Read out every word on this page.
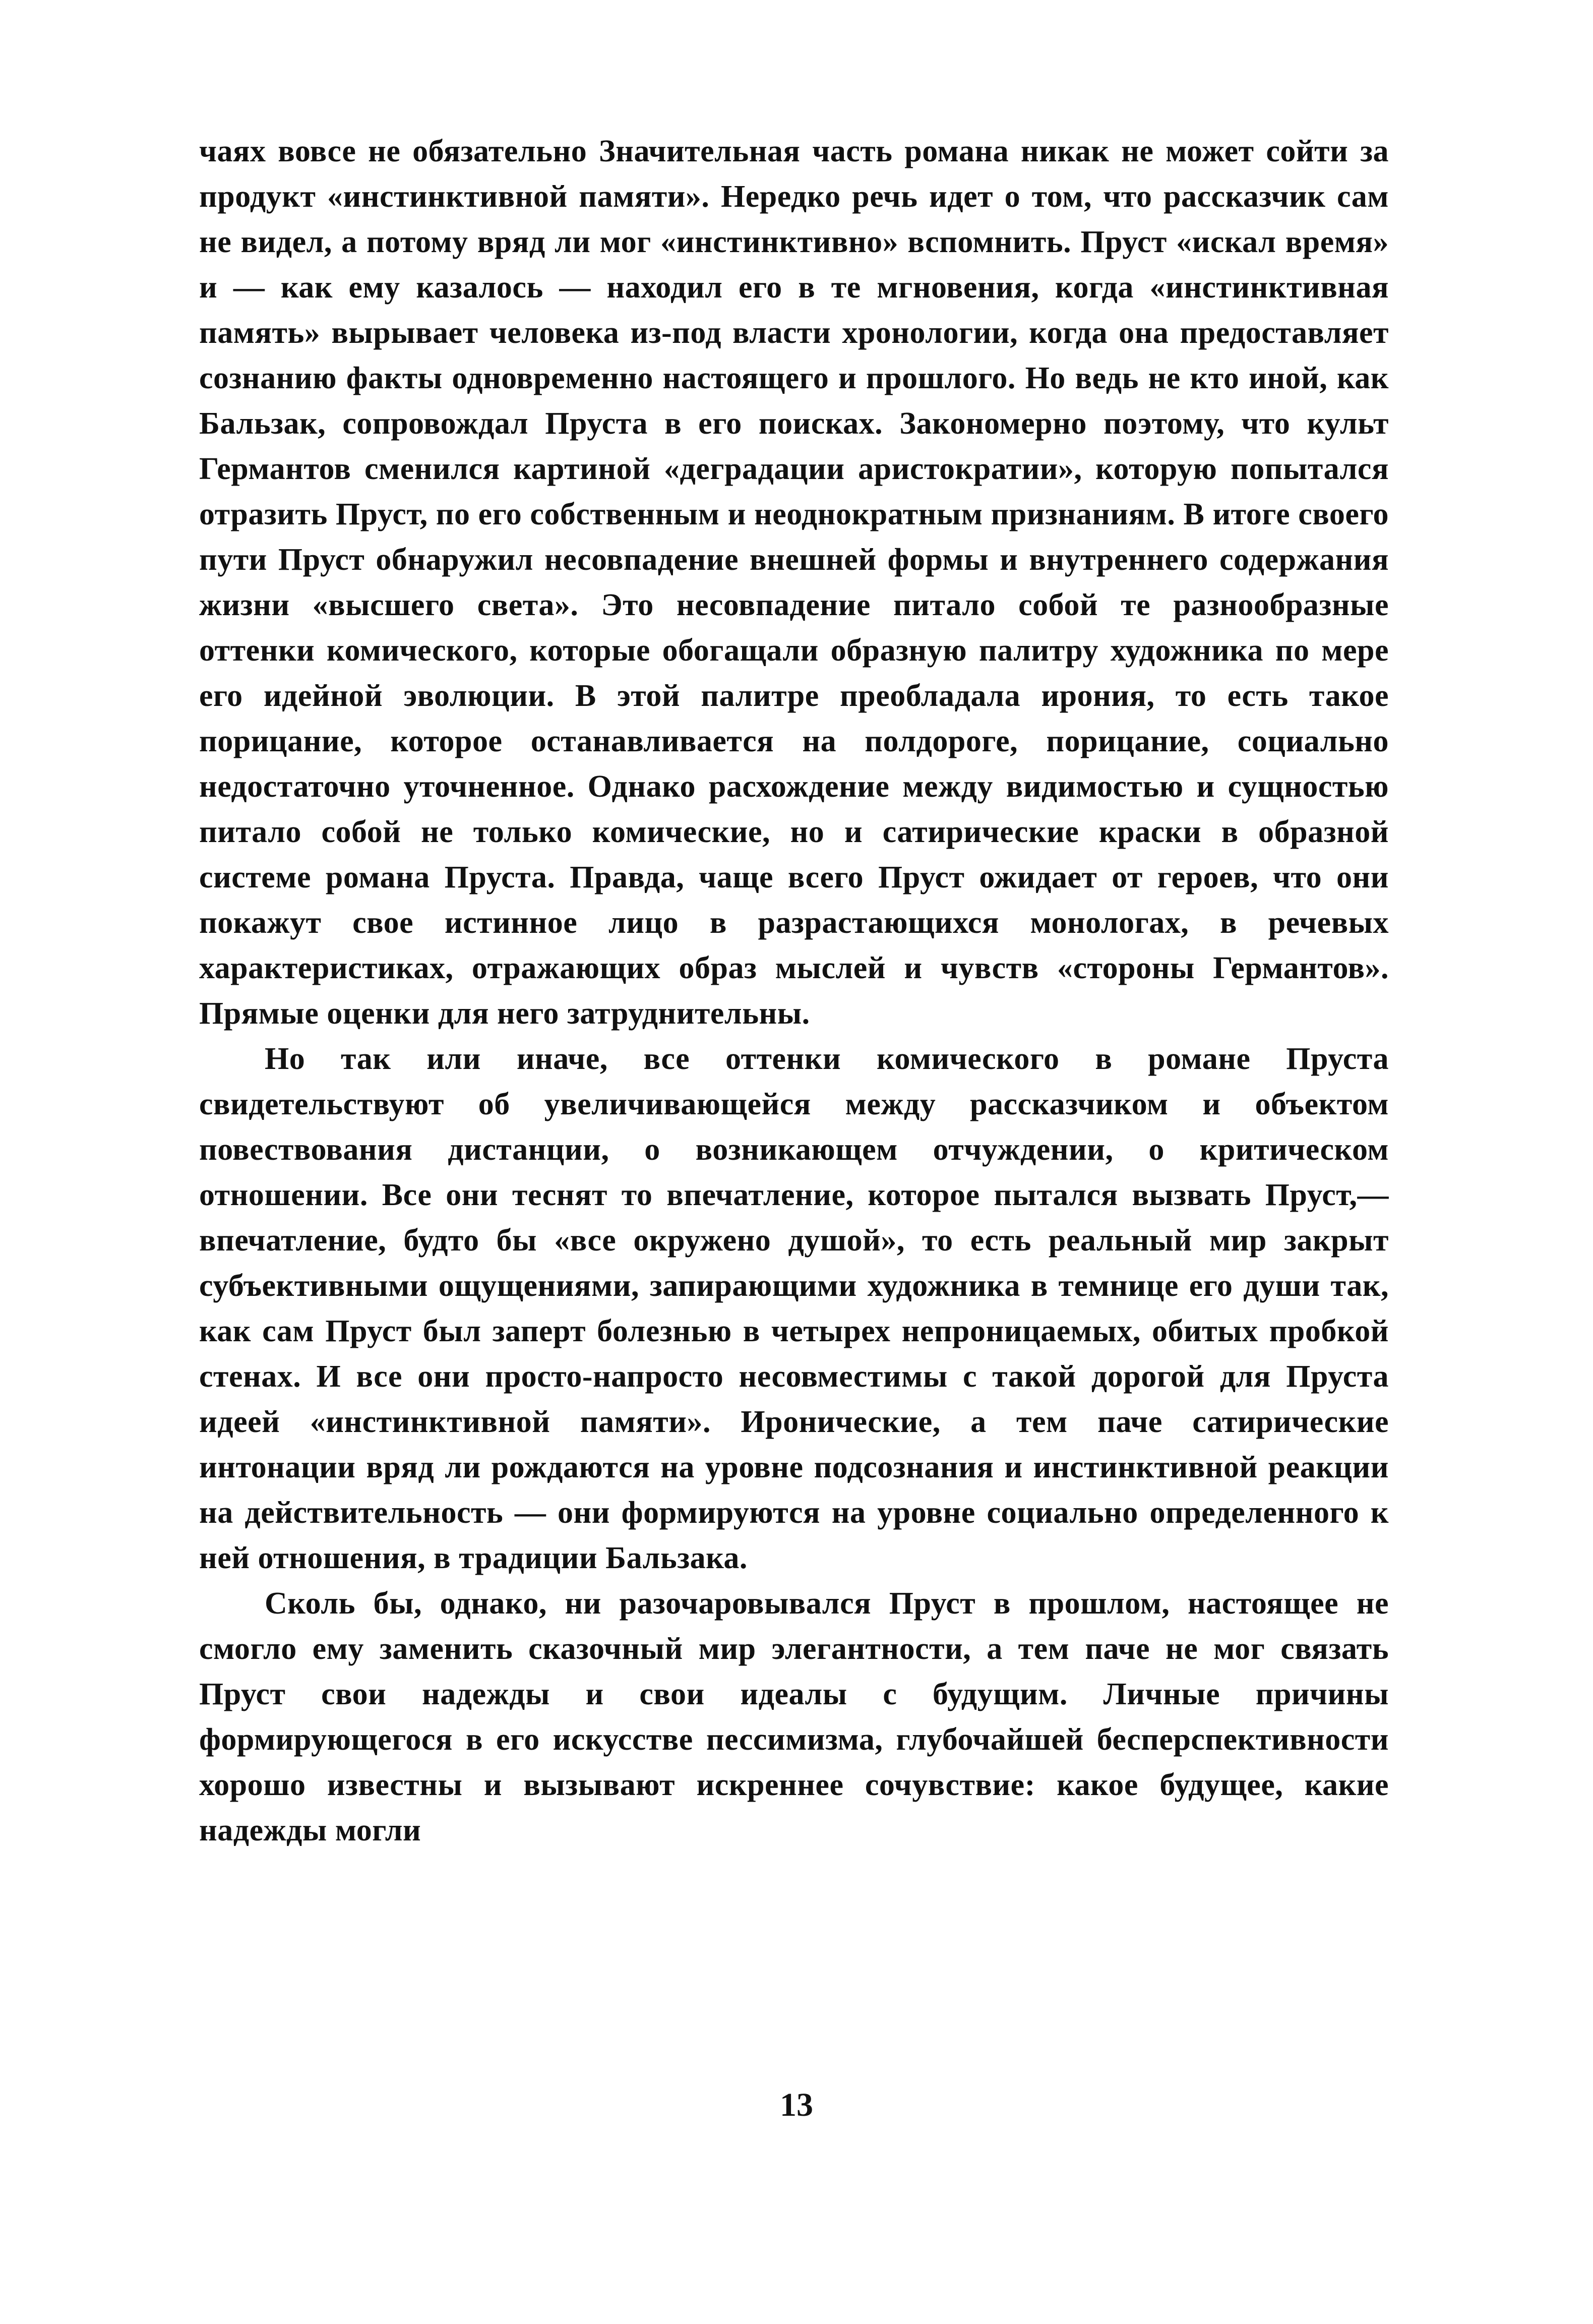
чаях вовсе не обязательно Значительная часть романа никак не может сойти за продукт «инстинктивной памяти». Нередко речь идет о том, что рассказчик сам не видел, а потому вряд ли мог «инстинктивно» вспомнить. Пруст «искал время» и — как ему казалось — находил его в те мгновения, когда «инстинктивная память» вырывает человека из-под власти хронологии, когда она предоставляет сознанию факты одновременно настоящего и прошлого. Но ведь не кто иной, как Бальзак, сопровождал Пруста в его поисках. Закономерно поэтому, что культ Германтов сменился картиной «деградации аристократии», которую попытался отразить Пруст, по его собственным и неоднократным признаниям. В итоге своего пути Пруст обнаружил несовпадение внешней формы и внутреннего содержания жизни «высшего света». Это несовпадение питало собой те разнообразные оттенки комического, которые обогащали образную палитру художника по мере его идейной эволюции. В этой палитре преобладала ирония, то есть такое порицание, которое останавливается на полдороге, порицание, социально недостаточно уточненное. Однако расхождение между видимостью и сущностью питало собой не только комические, но и сатирические краски в образной системе романа Пруста. Правда, чаще всего Пруст ожидает от героев, что они покажут свое истинное лицо в разрастающихся монологах, в речевых характеристиках, отражающих образ мыслей и чувств «стороны Германтов». Прямые оценки для него затруднительны.

Но так или иначе, все оттенки комического в романе Пруста свидетельствуют об увеличивающейся между рассказчиком и объектом повествования дистанции, о возникающем отчуждении, о критическом отношении. Все они теснят то впечатление, которое пытался вызвать Пруст,— впечатление, будто бы «все окружено душой», то есть реальный мир закрыт субъективными ощущениями, запирающими художника в темнице его души так, как сам Пруст был заперт болезнью в четырех непроницаемых, обитых пробкой стенах. И все они просто-напросто несовместимы с такой дорогой для Пруста идеей «инстинктивной памяти». Иронические, а тем паче сатирические интонации вряд ли рождаются на уровне подсознания и инстинктивной реакции на действительность — они формируются на уровне социально определенного к ней отношения, в традиции Бальзака.

Сколь бы, однако, ни разочаровывался Пруст в прошлом, настоящее не смогло ему заменить сказочный мир элегантности, а тем паче не мог связать Пруст свои надежды и свои идеалы с будущим. Личные причины формирующегося в его искусстве пессимизма, глубочайшей бесперспективности хорошо известны и вызывают искреннее сочувствие: какое будущее, какие надежды могли

13
